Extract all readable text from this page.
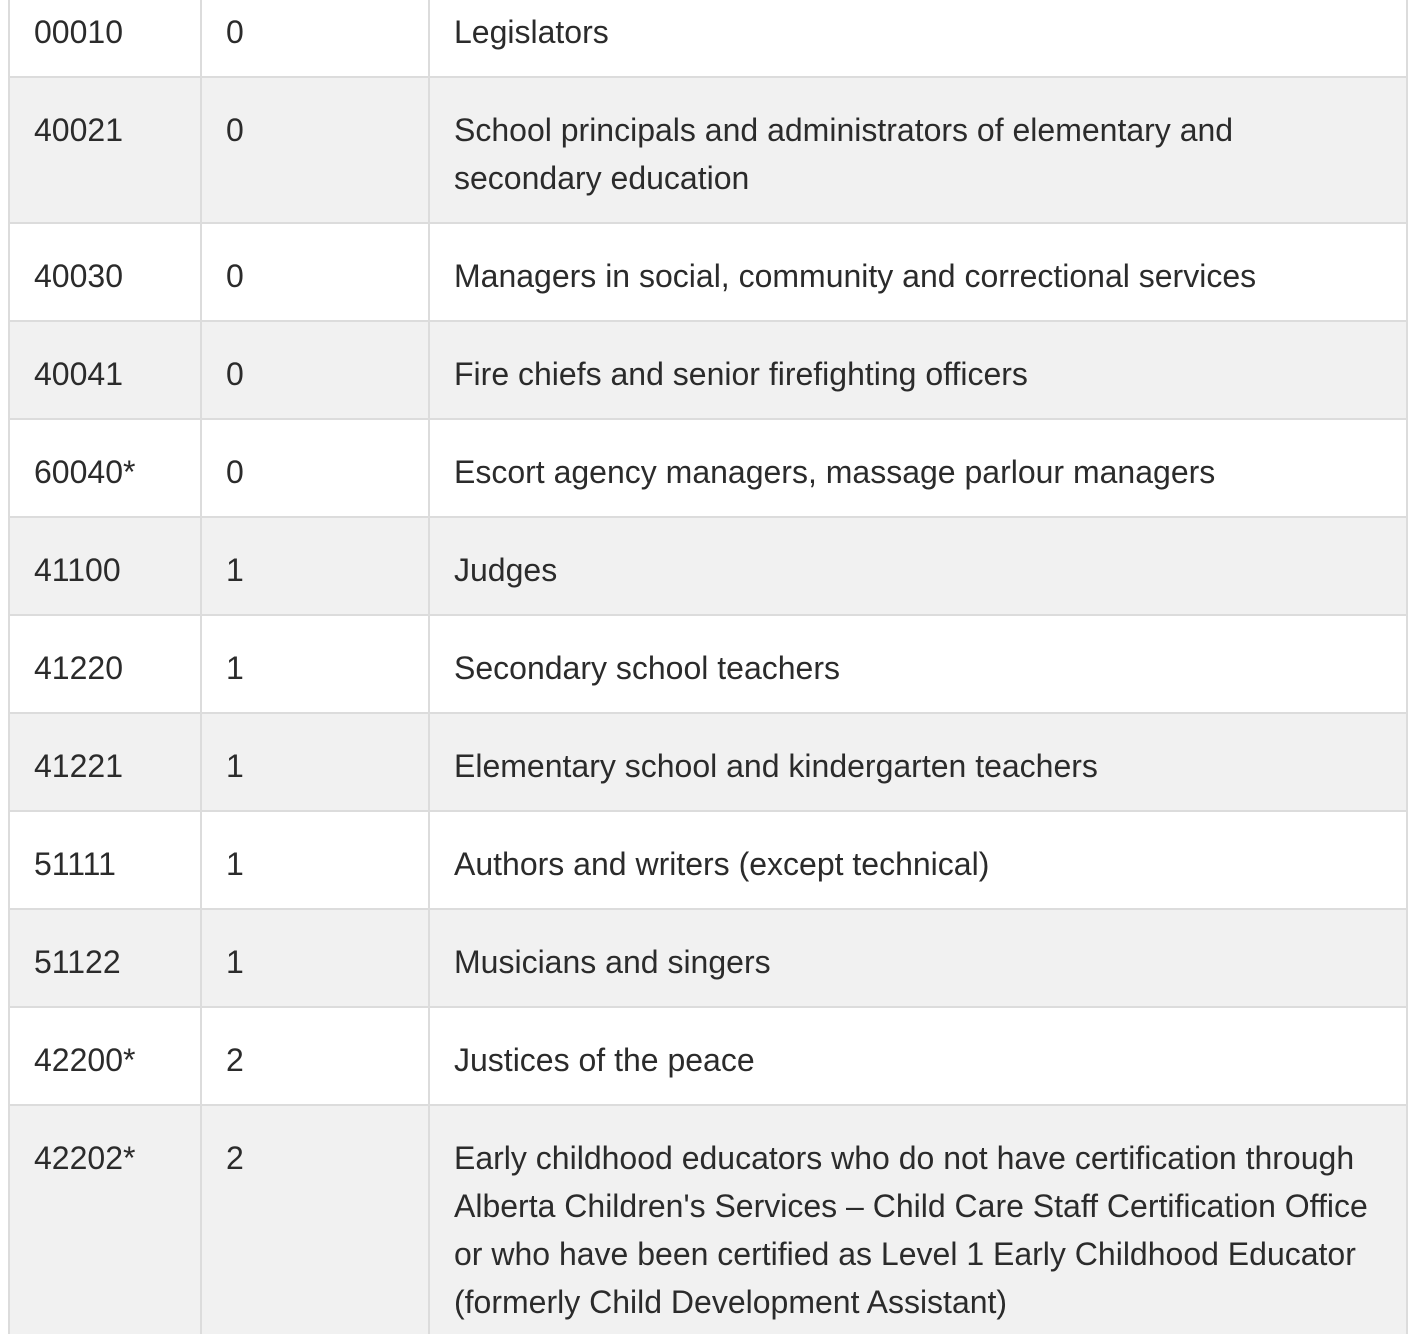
00010	0	Legislators
40021	0	School principals and administrators of elementary and secondary education
40030	0	Managers in social, community and correctional services
40041	0	Fire chiefs and senior firefighting officers
60040*	0	Escort agency managers, massage parlour managers
41100	1	Judges
41220	1	Secondary school teachers
41221	1	Elementary school and kindergarten teachers
51111	1	Authors and writers (except technical)
51122	1	Musicians and singers
42200*	2	Justices of the peace
42202*	2	Early childhood educators who do not have certification through Alberta Children's Services – Child Care Staff Certification Office or who have been certified as Level 1 Early Childhood Educator (formerly Child Development Assistant)
